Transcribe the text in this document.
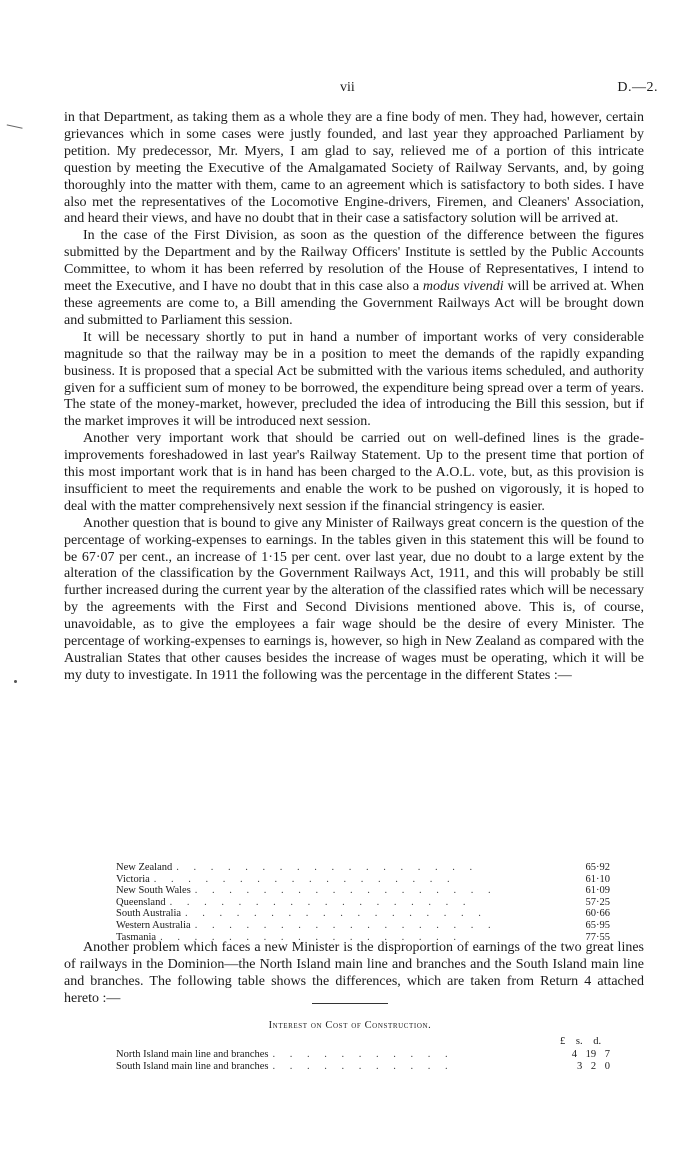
vii	D.—2.

in that Department, as taking them as a whole they are a fine body of men. They had, however, certain grievances which in some cases were justly founded, and last year they approached Parliament by petition. My predecessor, Mr. Myers, I am glad to say, relieved me of a portion of this intricate question by meeting the Executive of the Amalgamated Society of Railway Servants, and, by going thoroughly into the matter with them, came to an agreement which is satisfactory to both sides. I have also met the representatives of the Locomotive Engine-drivers, Firemen, and Cleaners' Association, and heard their views, and have no doubt that in their case a satisfactory solution will be arrived at.

In the case of the First Division, as soon as the question of the difference between the figures submitted by the Department and by the Railway Officers' Institute is settled by the Public Accounts Committee, to whom it has been referred by resolution of the House of Representatives, I intend to meet the Executive, and I have no doubt that in this case also a modus vivendi will be arrived at. When these agreements are come to, a Bill amending the Government Railways Act will be brought down and submitted to Parliament this session.

It will be necessary shortly to put in hand a number of important works of very considerable magnitude so that the railway may be in a position to meet the demands of the rapidly expanding business. It is proposed that a special Act be submitted with the various items scheduled, and authority given for a sufficient sum of money to be borrowed, the expenditure being spread over a term of years. The state of the money-market, however, precluded the idea of introducing the Bill this session, but if the market improves it will be introduced next session.

Another very important work that should be carried out on well-defined lines is the grade-improvements foreshadowed in last year's Railway Statement. Up to the present time that portion of this most important work that is in hand has been charged to the A.O.L. vote, but, as this provision is insufficient to meet the requirements and enable the work to be pushed on vigorously, it is hoped to deal with the matter comprehensively next session if the financial stringency is easier.

Another question that is bound to give any Minister of Railways great concern is the question of the percentage of working-expenses to earnings. In the tables given in this statement this will be found to be 67·07 per cent., an increase of 1·15 per cent. over last year, due no doubt to a large extent by the alteration of the classification by the Government Railways Act, 1911, and this will probably be still further increased during the current year by the alteration of the classified rates which will be necessary by the agreements with the First and Second Divisions mentioned above. This is, of course, unavoidable, as to give the employees a fair wage should be the desire of every Minister. The percentage of working-expenses to earnings is, however, so high in New Zealand as compared with the Australian States that other causes besides the increase of wages must be operating, which it will be my duty to investigate. In 1911 the following was the percentage in the different States :—

New Zealand . . . . . . . . . . . . . . . . . .	65·92
Victoria . . . . . . . . . . . . . . . . . .	61·10
New South Wales . . . . . . . . . . . . . . . . . .	61·09
Queensland . . . . . . . . . . . . . . . . . .	57·25
South Australia . . . . . . . . . . . . . . . . . .	60·66
Western Australia . . . . . . . . . . . . . . . . . .	65·95
Tasmania . . . . . . . . . . . . . . . . . .	77·55

Another problem which faces a new Minister is the disproportion of earnings of the two great lines of railways in the Dominion—the North Island main line and branches and the South Island main line and branches. The following table shows the differences, which are taken from Return 4 attached hereto :—

Interest on Cost of Construction.
£ s. d.
North Island main line and branches . . . . . . . . . . .	4 19 7
South Island main line and branches . . . . . . . . . . .	3 2 0
